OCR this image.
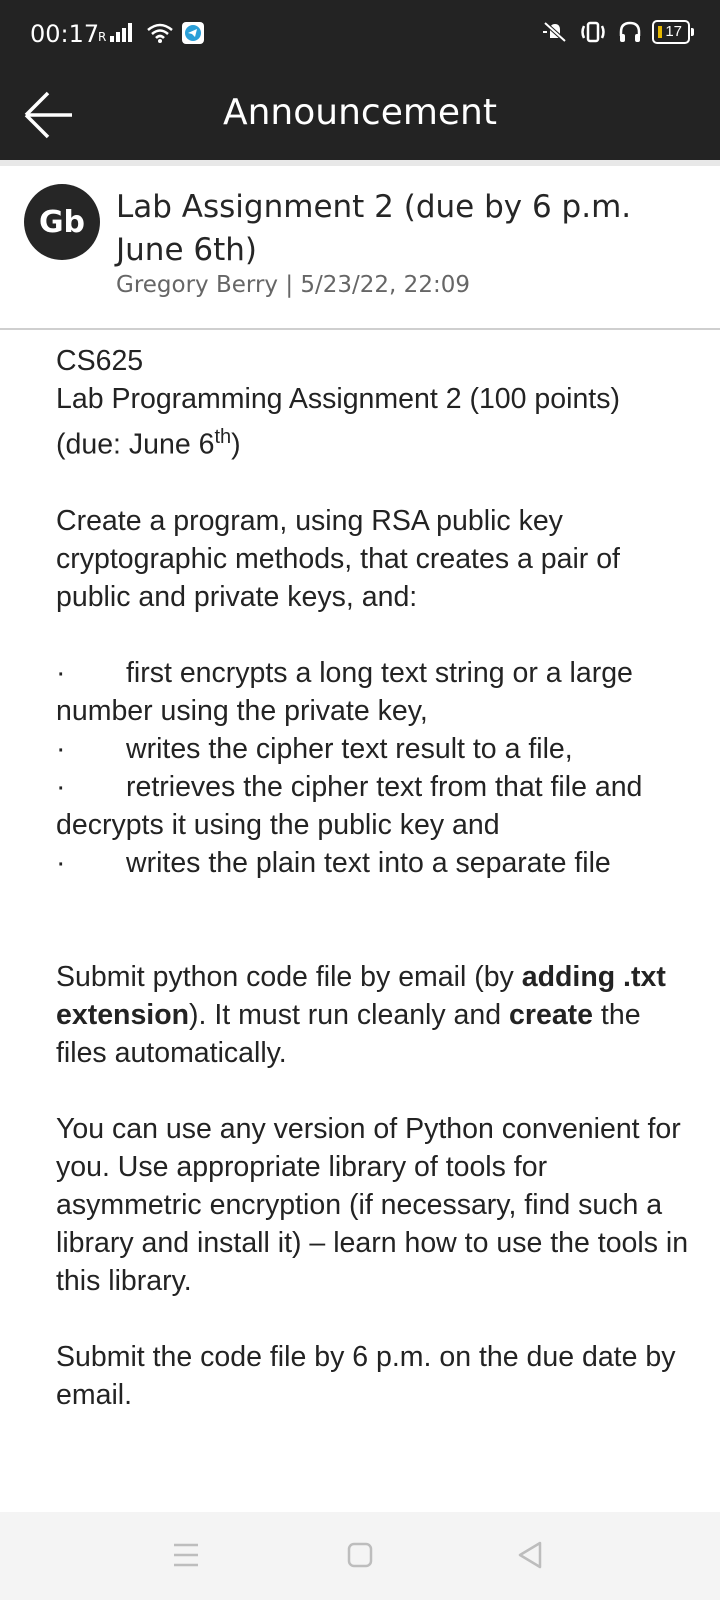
00:17
R	17
Announcement
Gb Lab Assignment 2 (due by 6 p.m. June 6th)
Gregory Berry | 5/23/22, 22:09

CS625

Lab Programming Assignment 2 (100 points)

(due: June 6th)

Create a program, using RSA public key cryptographic methods, that creates a pair of public and private keys, and:

· first encrypts a long text string or a large number using the private key,

· writes the cipher text result to a file,

· retrieves the cipher text from that file and decrypts it using the public key and

· writes the plain text into a separate file

Submit python code file by email (by adding .txt extension). It must run cleanly and create the files automatically.

You can use any version of Python convenient for you. Use appropriate library of tools for asymmetric encryption (if necessary, find such a library and install it) – learn how to use the tools in this library.

Submit the code file by 6 p.m. on the due date by email.
